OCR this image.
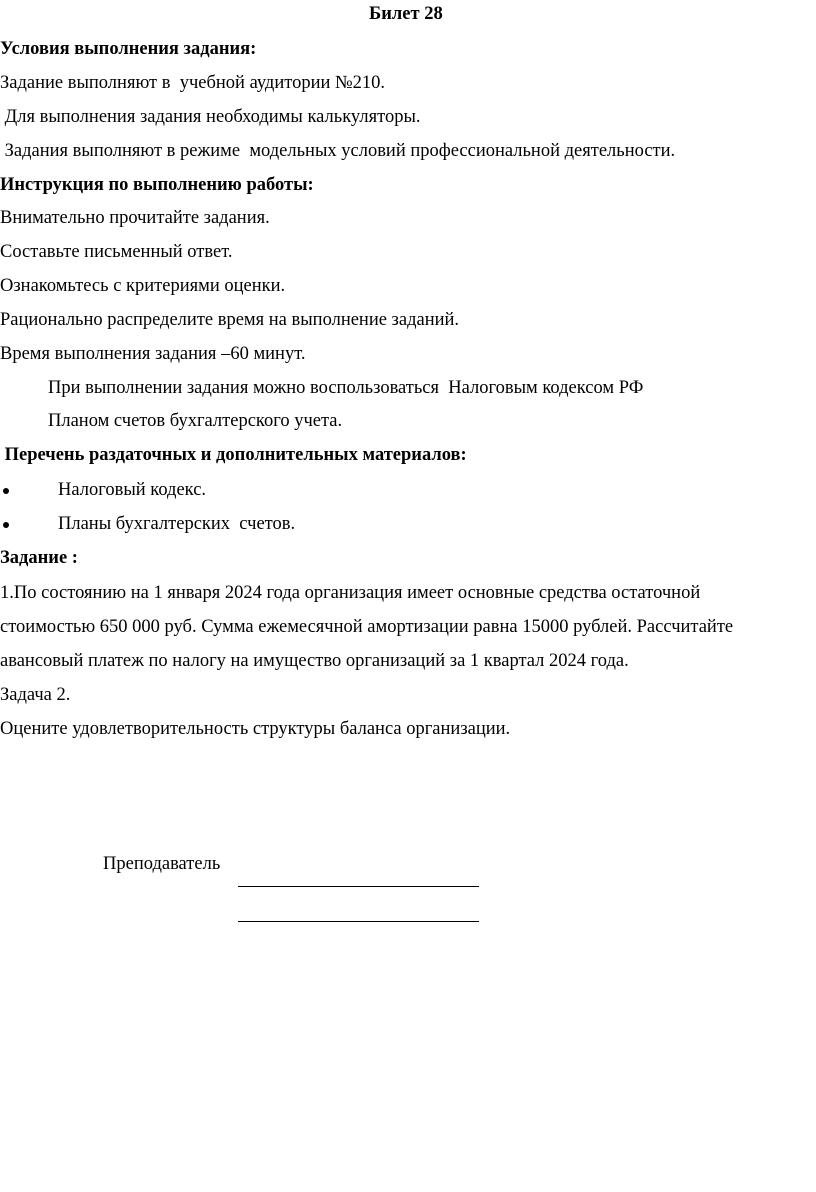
Билет 28
Условия выполнения задания:
Задание выполняют в  учебной аудитории №210.
Для выполнения задания необходимы калькуляторы.
Задания выполняют в режиме  модельных условий профессиональной деятельности.
Инструкция по выполнению работы:
Внимательно прочитайте задания.
Составьте письменный ответ.
Ознакомьтесь с критериями оценки.
Рационально распределите время на выполнение заданий.
Время выполнения задания –60 минут.
При выполнении задания можно воспользоваться  Налоговым кодексом РФ
Планом счетов бухгалтерского учета.
Перечень раздаточных и дополнительных материалов:
Налоговый кодекс.
Планы бухгалтерских  счетов.
Задание :
1.По состоянию на 1 января 2024 года организация имеет основные средства остаточной
стоимостью 650 000 руб. Сумма ежемесячной амортизации равна 15000 рублей. Рассчитайте
авансовый платеж по налогу на имущество организаций за 1 квартал 2024 года.
Задача 2.
Оцените удовлетворительность структуры баланса организации.
Преподаватель
